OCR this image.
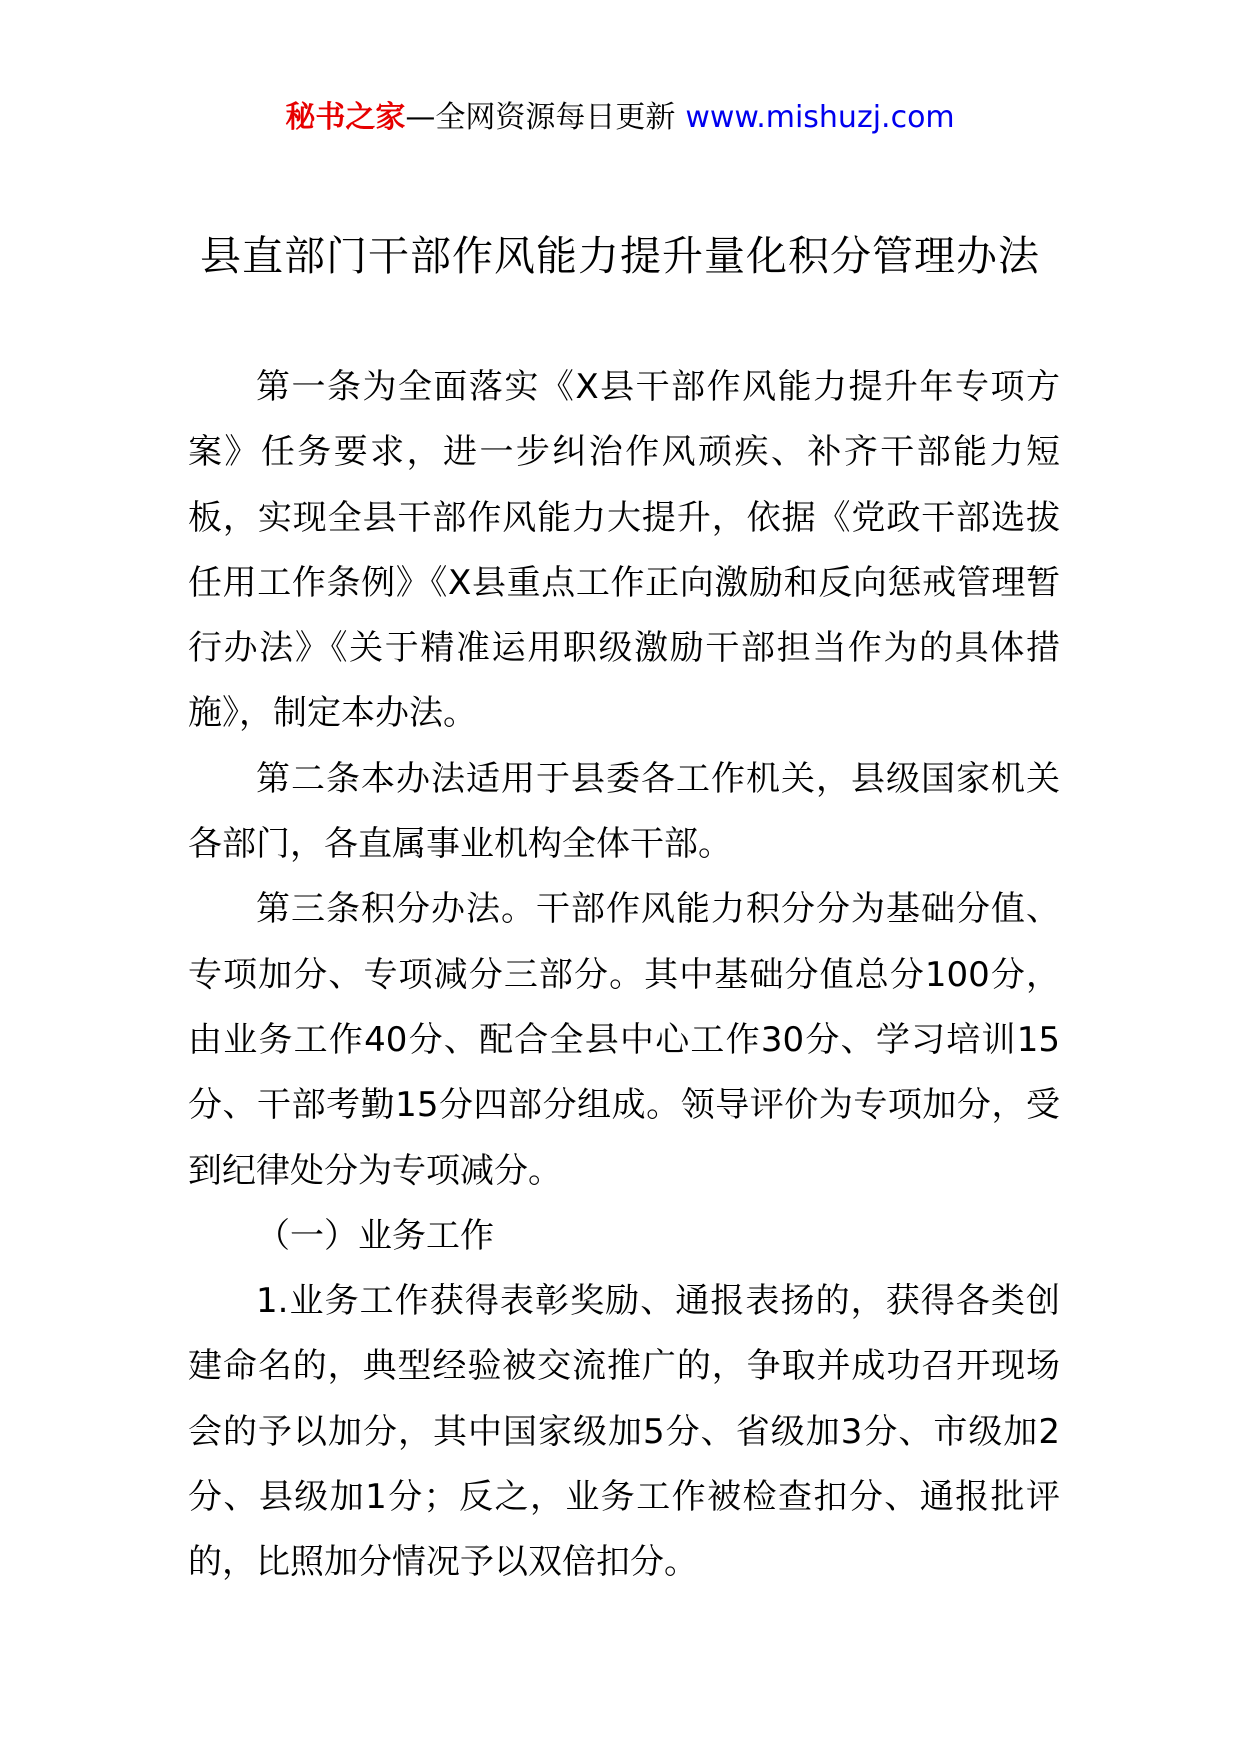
秘书之家—全网资源每日更新 www.mishuzj.com
县直部门干部作风能力提升量化积分管理办法

第一条为全面落实《X县干部作风能力提升年专项方案》任务要求，进一步纠治作风顽疾、补齐干部能力短板，实现全县干部作风能力大提升，依据《党政干部选拔任用工作条例》《X县重点工作正向激励和反向惩戒管理暂行办法》《关于精准运用职级激励干部担当作为的具体措施》，制定本办法。

第二条本办法适用于县委各工作机关，县级国家机关各部门，各直属事业机构全体干部。

第三条积分办法。干部作风能力积分分为基础分值、专项加分、专项减分三部分。其中基础分值总分100分，由业务工作40分、配合全县中心工作30分、学习培训15分、干部考勤15分四部分组成。领导评价为专项加分，受到纪律处分为专项减分。

（一）业务工作

1.业务工作获得表彰奖励、通报表扬的，获得各类创建命名的，典型经验被交流推广的，争取并成功召开现场会的予以加分，其中国家级加5分、省级加3分、市级加2分、县级加1分；反之，业务工作被检查扣分、通报批评的，比照加分情况予以双倍扣分。
